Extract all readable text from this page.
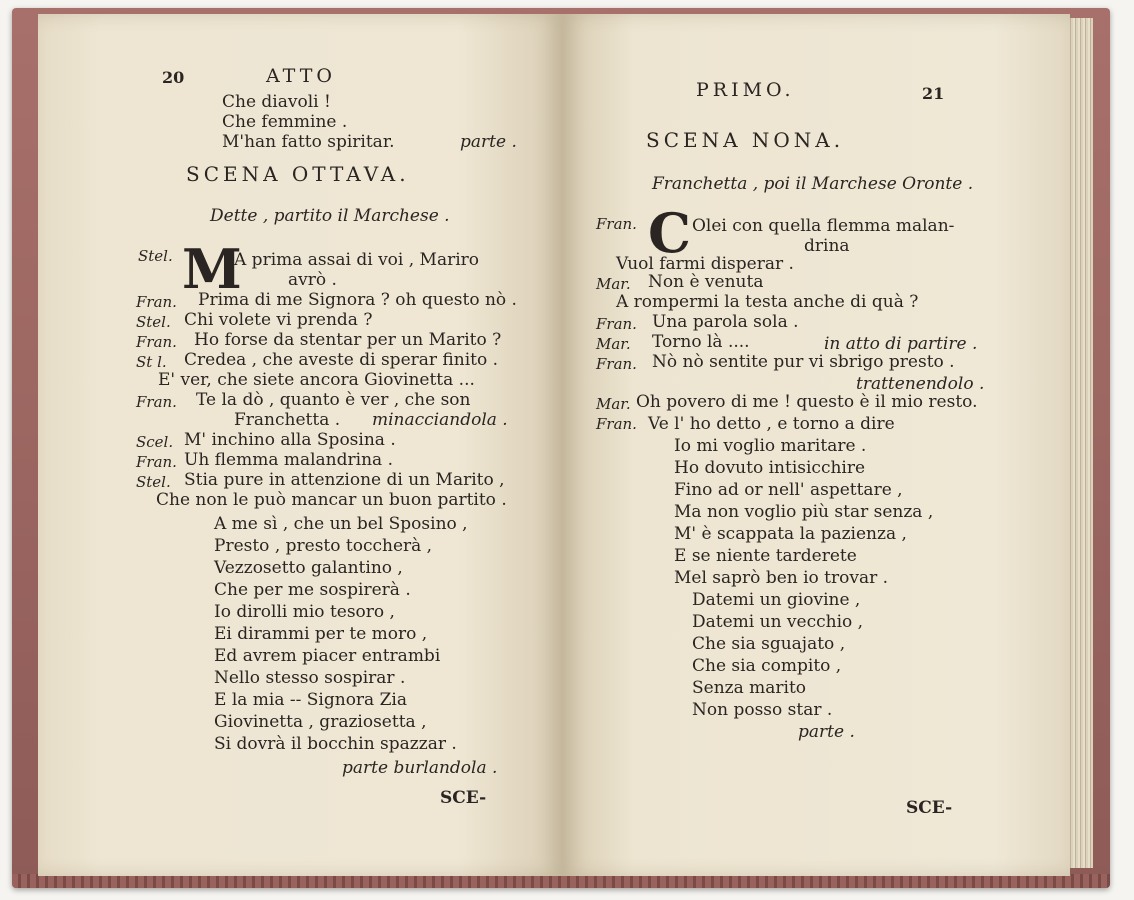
20	ATTO
Che diavoli !
Che femmine .
M'han fatto spiritar.	parte .
SCENA OTTAVA.
Dette , partito il Marchese .
Stel. M
A prima assai di voi , Mariro
avrò .
Fran. Prima di me Signora ? oh questo nò .
Stel. Chi volete vi prenda ?
Fran. Ho forse da stentar per un Marito ?
St l. Credea , che aveste di sperar finito .
E' ver, che siete ancora Giovinetta ...
Fran. Te la dò , quanto è ver , che son
Franchetta . minacciandola .
Scel. M' inchino alla Sposina .
Fran. Uh flemma malandrina .
Stel. Stia pure in attenzione di un Marito ,
Che non le può mancar un buon partito .
A me sì , che un bel Sposino ,
Presto , presto toccherà ,
Vezzosetto galantino ,
Che per me sospirerà .
Io dirolli mio tesoro ,
Ei dirammi per te moro ,
Ed avrem piacer entrambi
Nello stesso sospirar .
E la mia -- Signora Zia
Giovinetta , graziosetta ,
Si dovrà il bocchin spazzar .
parte burlandola .
SCE-
PRIMO.	21
SCENA NONA.
Franchetta , poi il Marchese Oronte .
Fran. C Olei con quella flemma malan-
drina
Vuol farmi disperar .
Mar. Non è venuta
A rompermi la testa anche di quà ?
Fran. Una parola sola .
Mar. Torno là ....	in atto di partire .
Fran. Nò nò sentite pur vi sbrigo presto .
trattenendolo .
Mar. Oh povero di me ! questo è il mio resto.
Fran. Ve l' ho detto , e torno a dire
Io mi voglio maritare .
Ho dovuto intisicchire
Fino ad or nell' aspettare ,
Ma non voglio più star senza ,
M' è scappata la pazienza ,
E se niente tarderete
Mel saprò ben io trovar .
Datemi un giovine ,
Datemi un vecchio ,
Che sia sguajato ,
Che sia compito ,
Senza marito
Non posso star .
parte .
SCE-
